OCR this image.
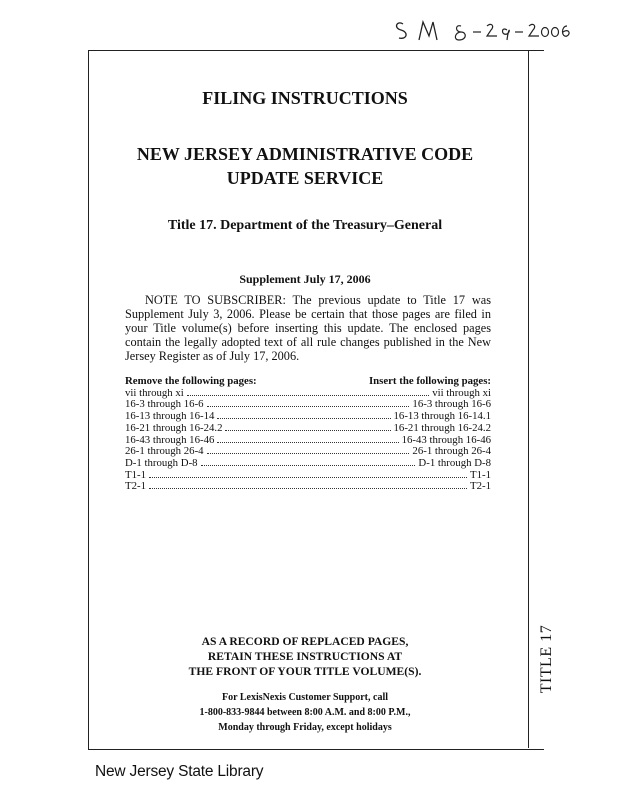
TITLE 17
FILING INSTRUCTIONS
NEW JERSEY ADMINISTRATIVE CODE
UPDATE SERVICE
Title 17. Department of the Treasury–General
Supplement July 17, 2006
NOTE TO SUBSCRIBER: The previous update to Title 17 was Supplement July 3, 2006. Please be certain that those pages are filed in your Title volume(s) before inserting this update. The enclosed pages contain the legally adopted text of all rule changes published in the New Jersey Register as of July 17, 2006.
Remove the following pages:	Insert the following pages:
vii through xi	vii through xi
16-3 through 16-6	16-3 through 16-6
16-13 through 16-14	16-13 through 16-14.1
16-21 through 16-24.2	16-21 through 16-24.2
16-43 through 16-46	16-43 through 16-46
26-1 through 26-4	26-1 through 26-4
D-1 through D-8	D-1 through D-8
T1-1	T1-1
T2-1	T2-1
AS A RECORD OF REPLACED PAGES,
RETAIN THESE INSTRUCTIONS AT
THE FRONT OF YOUR TITLE VOLUME(S).
For LexisNexis Customer Support, call
1-800-833-9844 between 8:00 A.M. and 8:00 P.M.,
Monday through Friday, except holidays
New Jersey State Library
